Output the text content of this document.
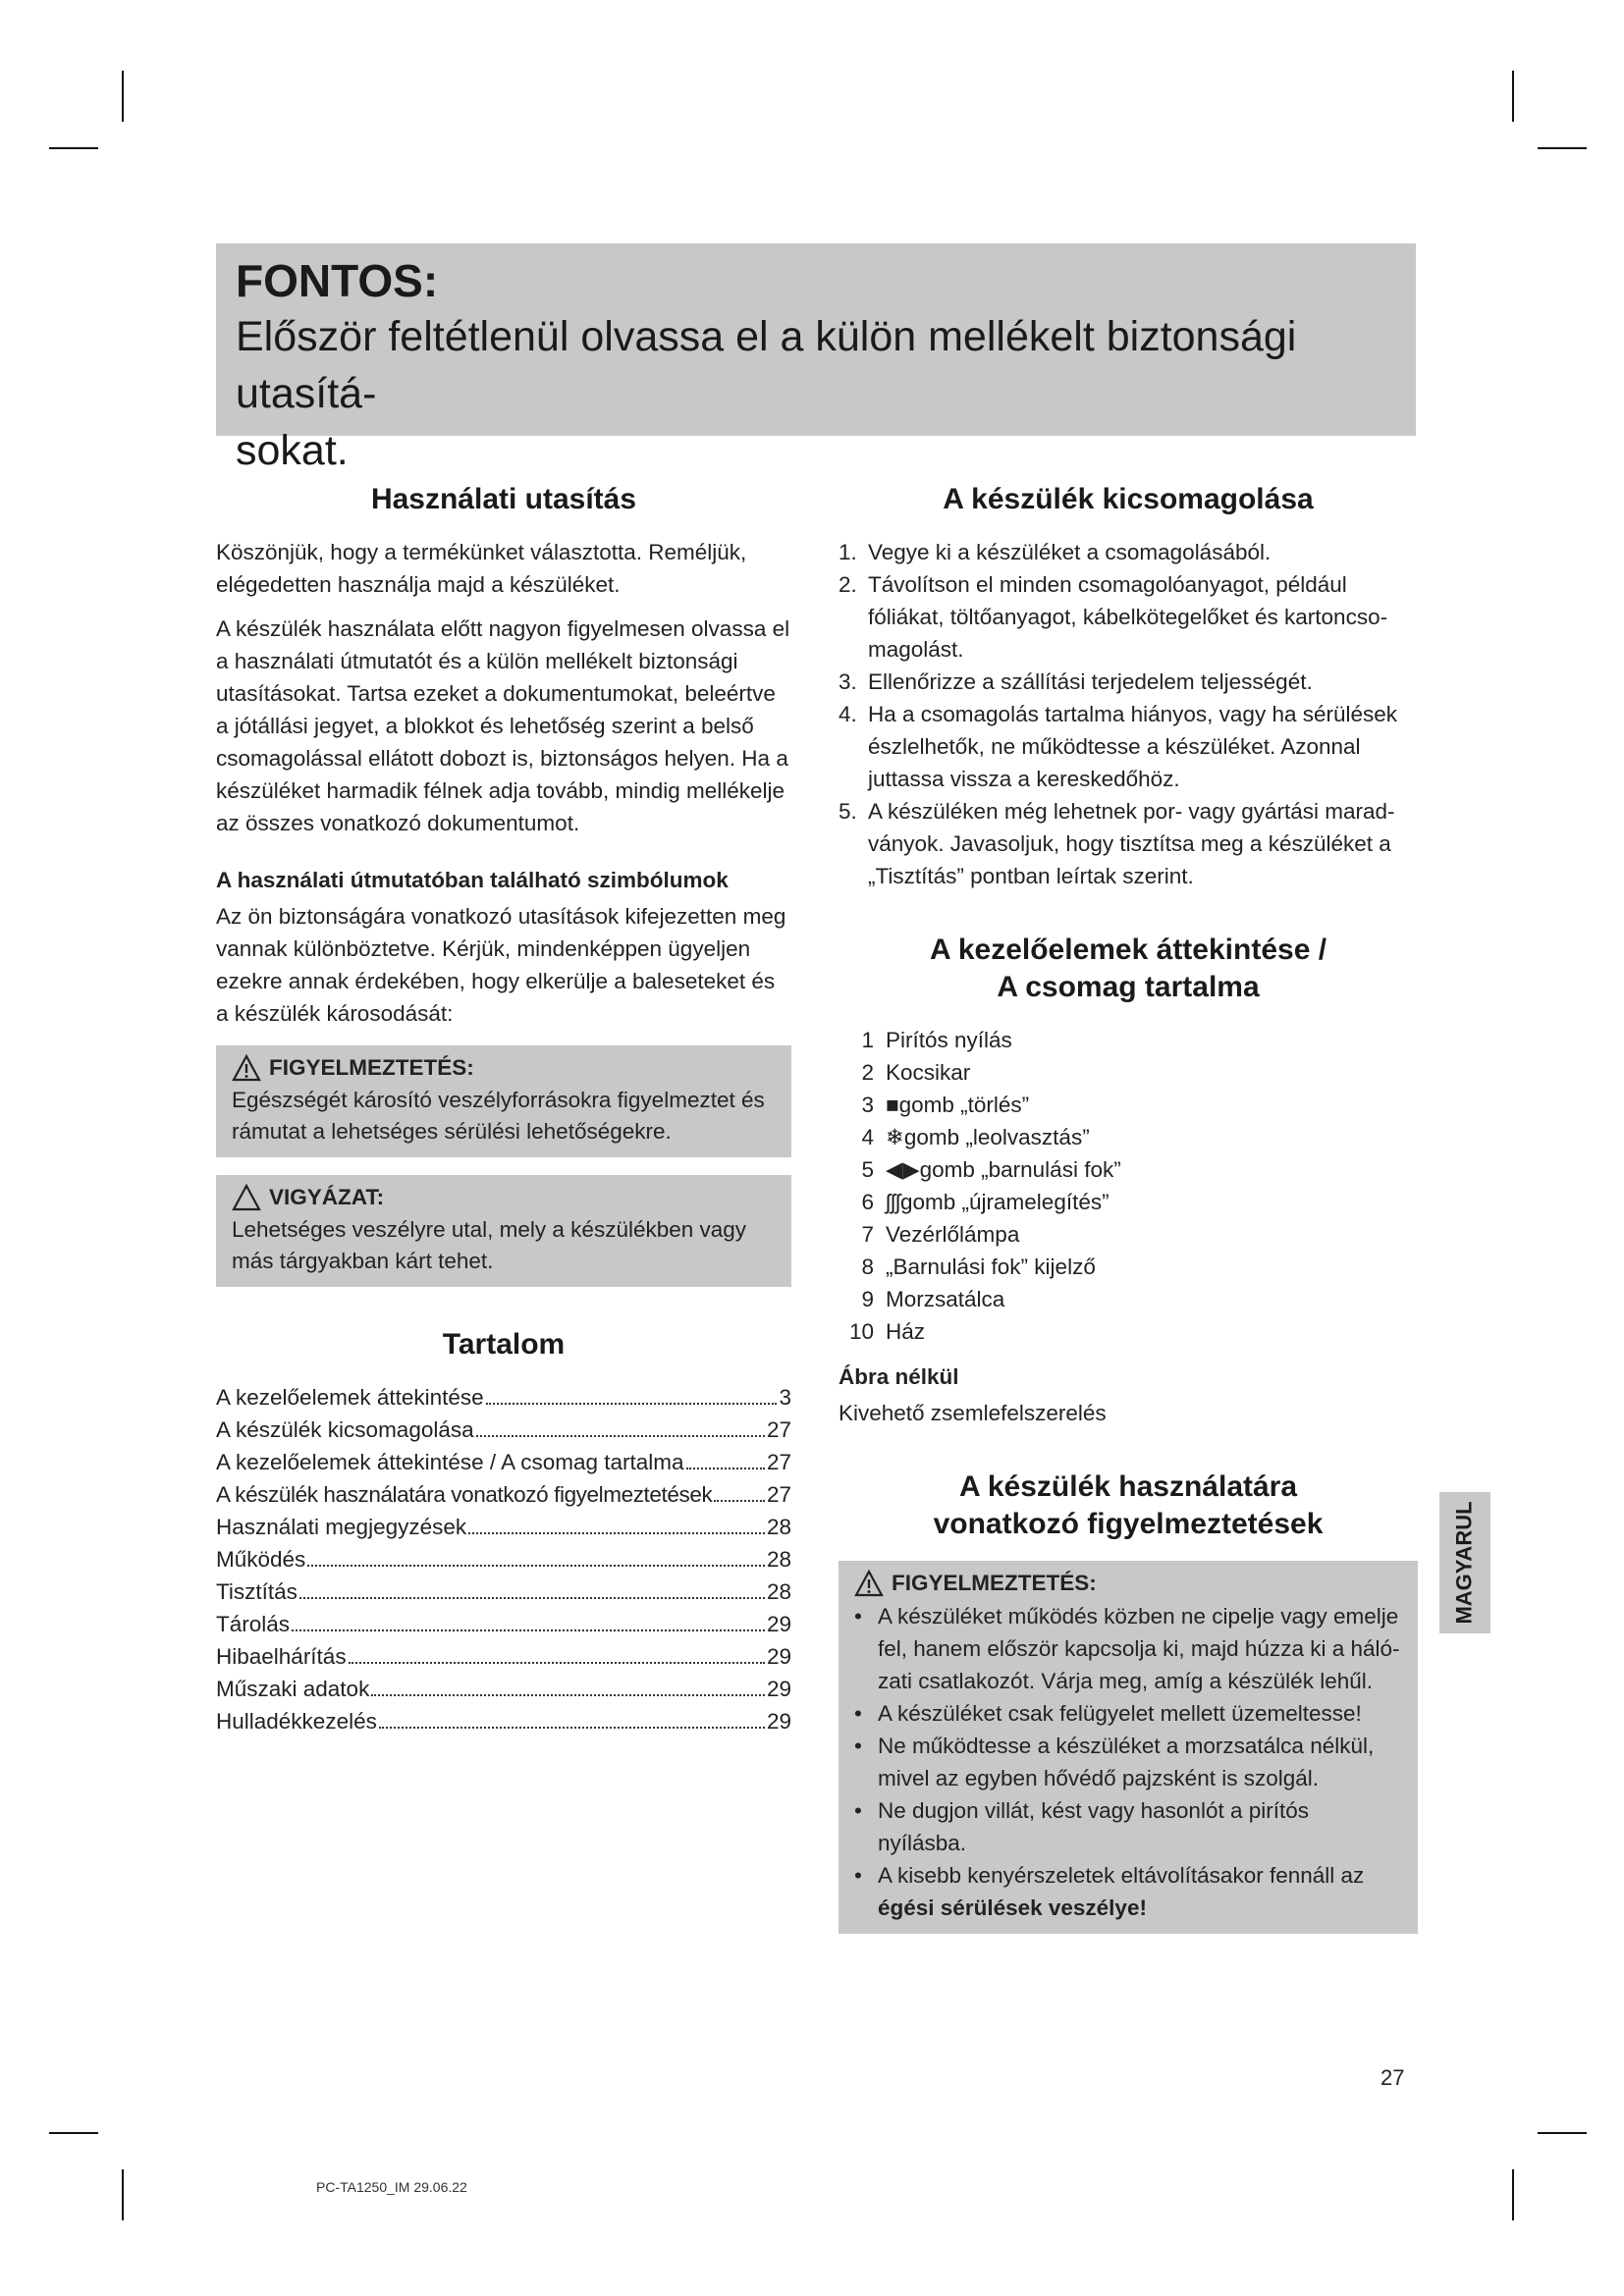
FONTOS:
Először feltétlenül olvassa el a külön mellékelt biztonsági utasítá-
sokat.
Használati utasítás

Köszönjük, hogy a termékünket választotta. Reméljük, elégedetten használja majd a készüléket.

A készülék használata előtt nagyon figyelmesen olvassa el a használati útmutatót és a külön mellékelt biztonsági utasításokat. Tartsa ezeket a dokumentumokat, beleértve a jótállási jegyet, a blokkot és lehetőség szerint a belső csomagolással ellátott dobozt is, biztonságos helyen. Ha a készüléket harmadik félnek adja tovább, mindig mellékelje az összes vonatkozó dokumentumot.

A használati útmutatóban található szimbólumok

Az ön biztonságára vonatkozó utasítások kifejezetten meg vannak különböztetve. Kérjük, mindenképpen ügyeljen ezekre annak érdekében, hogy elkerülje a baleseteket és a készülék károsodását:

FIGYELMEZTETÉS:
Egészségét károsító veszélyforrásokra figyelmeztet és rámutat a lehetséges sérülési lehetőségekre.
VIGYÁZAT:
Lehetséges veszélyre utal, mely a készülékben vagy más tárgyakban kárt tehet.
Tartalom
A kezelőelemek áttekintése	3
A készülék kicsomagolása	27
A kezelőelemek áttekintése / A csomag tartalma	27
A készülék használatára vonatkozó figyelmeztetések 27
Használati megjegyzések	28
Működés	28
Tisztítás	28
Tárolás	29
Hibaelhárítás	29
Műszaki adatok	29
Hulladékkezelés	29
A készülék kicsomagolása
1. Vegye ki a készüléket a csomagolásából.
2. Távolítson el minden csomagolóanyagot, például fóliákat, töltőanyagot, kábelkötegelőket és kartoncso-magolást.
3. Ellenőrizze a szállítási terjedelem teljességét.
4. Ha a csomagolás tartalma hiányos, vagy ha sérülések észlelhetők, ne működtesse a készüléket. Azonnal juttassa vissza a kereskedőhöz.
5. A készüléken még lehetnek por- vagy gyártási marad-ványok. Javasoljuk, hogy tisztítsa meg a készüléket a „Tisztítás” pontban leírtak szerint.
A kezelőelemek áttekintése /
A csomag tartalma
1 Pirítós nyílás
2 Kocsikar
3 ■ gomb „törlés”
4 ❄ gomb „leolvasztás”
5 ◀▶ gomb „barnulási fok”
6 ʃʃʃ gomb „újramelegítés”
7 Vezérlőlámpa
8 „Barnulási fok” kijelző
9 Morzsatálca
10 Ház
Ábra nélkül

Kivehető zsemlefelszerelés

A készülék használatára
vonatkozó figyelmeztetések
FIGYELMEZTETÉS:
• A készüléket működés közben ne cipelje vagy emelje fel, hanem először kapcsolja ki, majd húzza ki a háló-zati csatlakozót. Várja meg, amíg a készülék lehűl.
• A készüléket csak felügyelet mellett üzemeltesse!
• Ne működtesse a készüléket a morzsatálca nélkül, mivel az egyben hővédő pajzsként is szolgál.
• Ne dugjon villát, kést vagy hasonlót a pirítós nyílásba.
• A kisebb kenyérszeletek eltávolításakor fennáll az
égési sérülések veszélye!
MAGYARUL
27
PC-TA1250_IM 29.06.22
